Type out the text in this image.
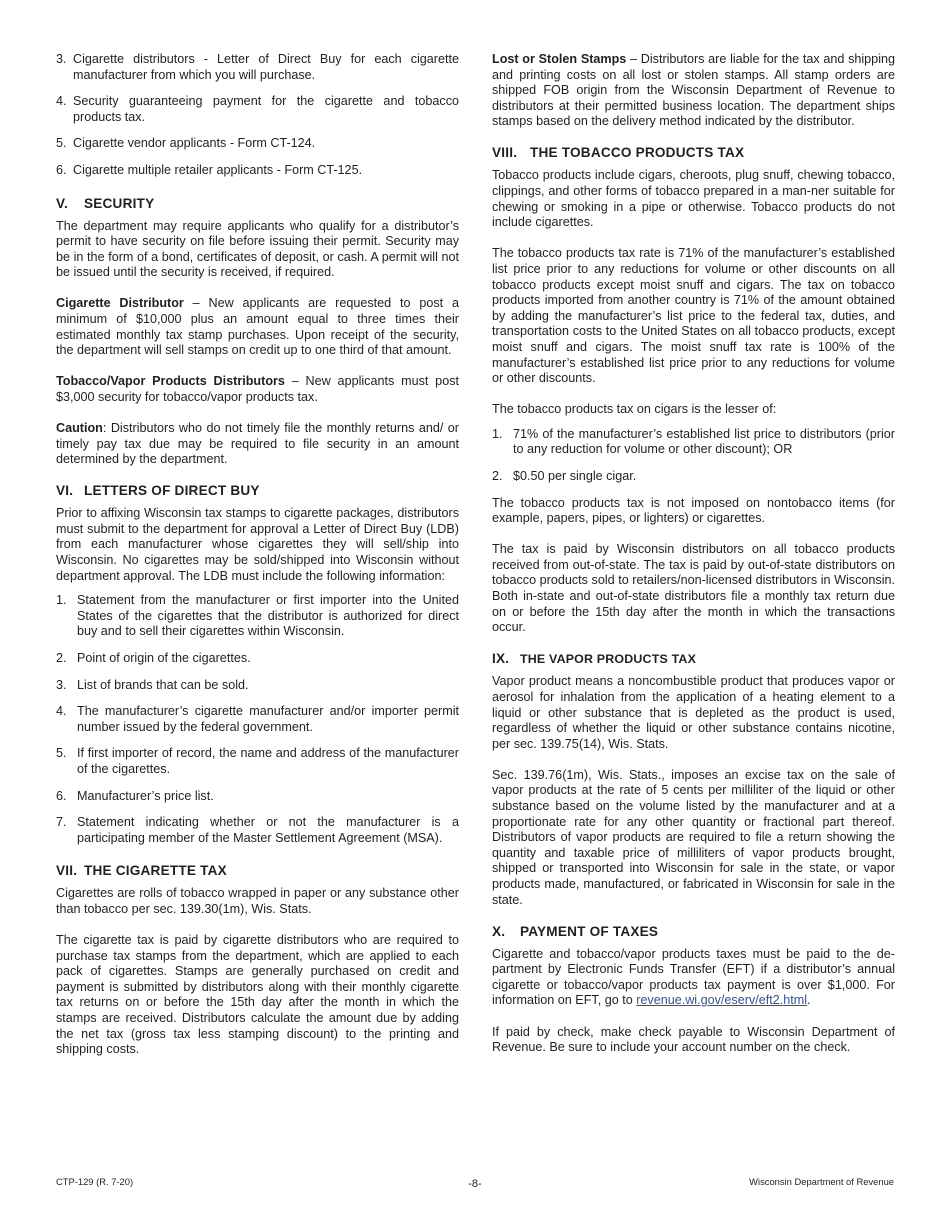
3. Cigarette distributors - Letter of Direct Buy for each cigarette manufacturer from which you will purchase.
4. Security guaranteeing payment for the cigarette and tobacco products tax.
5. Cigarette vendor applicants - Form CT-124.
6. Cigarette multiple retailer applicants - Form CT-125.
V. SECURITY

The department may require applicants who qualify for a distributor’s permit to have security on file before issuing their permit. Security may be in the form of a bond, certificates of deposit, or cash. A permit will not be issued until the security is received, if required.

Cigarette Distributor – New applicants are requested to post a minimum of $10,000 plus an amount equal to three times their estimated monthly tax stamp purchases. Upon receipt of the security, the department will sell stamps on credit up to one third of that amount.

Tobacco/Vapor Products Distributors – New applicants must post $3,000 security for tobacco/vapor products tax.

Caution: Distributors who do not timely file the monthly returns and/ or timely pay tax due may be required to file security in an amount determined by the department.

VI. LETTERS OF DIRECT BUY

Prior to affixing Wisconsin tax stamps to cigarette packages, distributors must submit to the department for approval a Letter of Direct Buy (LDB) from each manufacturer whose cigarettes they will sell/ship into Wisconsin. No cigarettes may be sold/shipped into Wisconsin without department approval. The LDB must include the following information:

1. Statement from the manufacturer or first importer into the United States of the cigarettes that the distributor is authorized for direct buy and to sell their cigarettes within Wisconsin.
2. Point of origin of the cigarettes.
3. List of brands that can be sold.
4. The manufacturer’s cigarette manufacturer and/or importer permit number issued by the federal government.
5. If first importer of record, the name and address of the manufacturer of the cigarettes.
6. Manufacturer’s price list.
7. Statement indicating whether or not the manufacturer is a participating member of the Master Settlement Agreement (MSA).
VII. THE CIGARETTE TAX

Cigarettes are rolls of tobacco wrapped in paper or any substance other than tobacco per sec. 139.30(1m), Wis. Stats.

The cigarette tax is paid by cigarette distributors who are required to purchase tax stamps from the department, which are applied to each pack of cigarettes. Stamps are generally purchased on credit and payment is submitted by distributors along with their monthly cigarette tax returns on or before the 15th day after the month in which the stamps are received. Distributors calculate the amount due by adding the net tax (gross tax less stamping discount) to the printing and shipping costs.

Lost or Stolen Stamps – Distributors are liable for the tax and shipping and printing costs on all lost or stolen stamps. All stamp orders are shipped FOB origin from the Wisconsin Department of Revenue to distributors at their permitted business location. The department ships stamps based on the delivery method indicated by the distributor.

VIII. THE TOBACCO PRODUCTS TAX

Tobacco products include cigars, cheroots, plug snuff, chewing tobacco, clippings, and other forms of tobacco prepared in a man-ner suitable for chewing or smoking in a pipe or otherwise. Tobacco products do not include cigarettes.

The tobacco products tax rate is 71% of the manufacturer’s established list price prior to any reductions for volume or other discounts on all tobacco products except moist snuff and cigars. The tax on tobacco products imported from another country is 71% of the amount obtained by adding the manufacturer’s list price to the federal tax, duties, and transportation costs to the United States on all tobacco products, except moist snuff and cigars. The moist snuff tax rate is 100% of the manufacturer’s established list price prior to any reductions for volume or other discounts.

The tobacco products tax on cigars is the lesser of:

1. 71% of the manufacturer’s established list price to distributors (prior to any reduction for volume or other discount); OR
2. $0.50 per single cigar.

The tobacco products tax is not imposed on nontobacco items (for example, papers, pipes, or lighters) or cigarettes.

The tax is paid by Wisconsin distributors on all tobacco products received from out-of-state. The tax is paid by out-of-state distributors on tobacco products sold to retailers/non-licensed distributors in Wisconsin. Both in-state and out-of-state distributors file a monthly tax return due on or before the 15th day after the month in which the transactions occur.

IX. THE VAPOR PRODUCTS TAX

Vapor product means a noncombustible product that produces vapor or aerosol for inhalation from the application of a heating element to a liquid or other substance that is depleted as the product is used, regardless of whether the liquid or other substance contains nicotine, per sec. 139.75(14), Wis. Stats.

Sec. 139.76(1m), Wis. Stats., imposes an excise tax on the sale of vapor products at the rate of 5 cents per milliliter of the liquid or other substance based on the volume listed by the manufacturer and at a proportionate rate for any other quantity or fractional part thereof. Distributors of vapor products are required to file a return showing the quantity and taxable price of milliliters of vapor products brought, shipped or transported into Wisconsin for sale in the state, or vapor products made, manufactured, or fabricated in Wisconsin for sale in the state.

X. PAYMENT OF TAXES

Cigarette and tobacco/vapor products taxes must be paid to the de-partment by Electronic Funds Transfer (EFT) if a distributor’s annual cigarette or tobacco/vapor products tax payment is over $1,000. For information on EFT, go to revenue.wi.gov/eserv/eft2.html.

If paid by check, make check payable to Wisconsin Department of Revenue. Be sure to include your account number on the check.

CTP-129 (R. 7-20)	-8-	Wisconsin Department of Revenue
